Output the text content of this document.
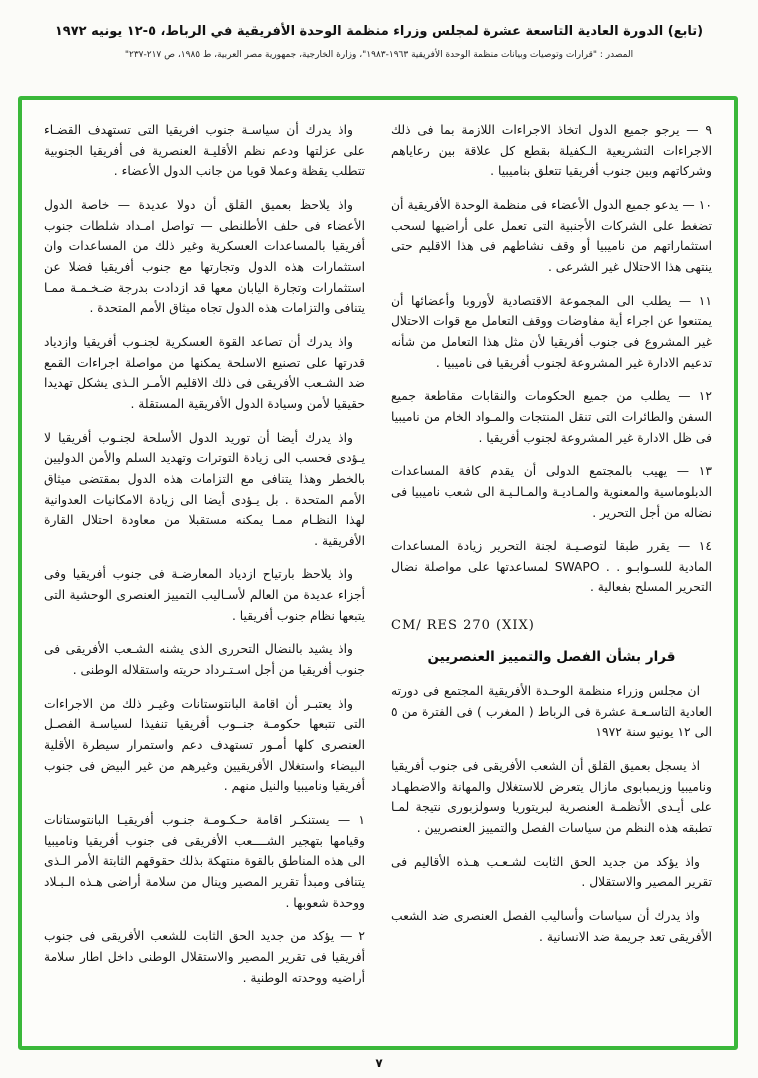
(تابع) الدورة العادية التاسعة عشرة لمجلس وزراء منظمة الوحدة الأفريقية في الرباط، ٥-١٢ يونيه ١٩٧٢
المصدر : "قرارات وتوصيات وبيانات منظمة الوحدة الأفريقية ١٩٦٣-١٩٨٣"، وزارة الخارجية، جمهورية مصر العربية، ط ١٩٨٥، ص ٢١٧-٢٣٧"

٩ — يرجو جميع الدول اتخاذ الاجراءات اللازمة بما فى ذلك الاجراءات التشريعية الـكفيلة بقطع كل علاقة بين رعاياهم وشركاتهم وبين جنوب أفريقيا تتعلق بناميبيا .

١٠ — يدعو جميع الدول الأعضاء فى منظمة الوحدة الأفريقية أن تضغط على الشركات الأجنبية التى تعمل على أراضيها لسحب استثماراتهم من ناميبيا أو وقف نشاطهم فى هذا الاقليم حتى ينتهى هذا الاحتلال غير الشرعى .

١١ — يطلب الى المجموعة الاقتصادية لأوروبا وأعضائها أن يمتنعوا عن اجراء أية مفاوضات ووقف التعامل مع قوات الاحتلال غير المشروع فى جنوب أفريقيا لأن مثل هذا التعامل من شأنه تدعيم الادارة غير المشروعة لجنوب أفريقيا فى ناميبيا .

١٢ — يطلب من جميع الحكومات والنقابات مقاطعة جميع السفن والطائرات التى تنقل المنتجات والمـواد الخام من ناميبيا فى ظل الادارة غير المشروعة لجنوب أفريقيا .

١٣ — يهيب بالمجتمع الدولى أن يقدم كافة المساعدات الدبلوماسية والمعنوية والمـاديـة والمـالـيـة الى شعب ناميبيا فى نضاله من أجل التحرير .

١٤ — يقرر طبقا لتوصـيـة لجنة التحرير زيادة المساعدات المادية للسـوابـو . . SWAPO لمساعدتها على مواصلة نضال التحرير المسلح بفعالية .

CM/ RES 270 (XIX)
قرار بشأن الفصل والتمييز العنصريين

ان مجلس وزراء منظمة الوحـدة الأفريقية المجتمع فى دورته العادية التاسـعـة عشرة فى الرباط ( المغرب ) فى الفترة من ٥ الى ١٢ يونيو سنة ١٩٧٢

اذ يسجل بعميق القلق أن الشعب الأفريقى فى جنوب أفريقيا وناميبيا وزيمبابوى مازال يتعرض للاستغلال والمهانة والاضطهـاد على أيـدى الأنظمـة العنصرية لبريتوريا وسولزبورى نتيجة لمـا تطبقه هذه النظم من سياسات الفصل والتمييز العنصريين .

واذ يؤكد من جديد الحق الثابت لشـعـب هـذه الأقاليم فى تقرير المصير والاستقلال .

واذ يدرك أن سياسات وأساليب الفصل العنصرى ضد الشعب الأفريقى تعد جريمة ضد الانسانية .

واذ يدرك أن سياسـة جنوب افريقيا التى تستهدف القضـاء على عزلتها ودعم نظم الأقليـة العنصرية فى أفريقيا الجنوبية تتطلب يقظة وعملا قويا من جانب الدول الأعضاء .

واذ يلاحظ بعميق القلق أن دولا عديدة — خاصة الدول الأعضاء فى حلف الأطلنطى — تواصل امـداد شلطات جنوب أفريقيا بالمساعدات العسكرية وغير ذلك من المساعدات وان استثمارات هذه الدول وتجارتها مع جنوب أفريقيا فضلا عن استثمارات وتجارة اليابان معها قد ازدادت بدرجة ضـخـمـة ممـا يتنافى والتزامات هذه الدول تجاه ميثاق الأمم المتحدة .

واذ يدرك أن تصاعد القوة العسكرية لجنـوب أفريقيا وازدياد قدرتها على تصنيع الاسلحة يمكنها من مواصلة اجراءات القمع ضد الشـعب الأفريقى فى ذلك الاقليم الأمـر الـذى يشكل تهديدا حقيقيا لأمن وسيادة الدول الأفريقية المستقلة .

واذ يدرك أيضا أن توريد الدول الأسلحة لجنـوب أفريقيا لا يـؤدى فحسب الى زيادة التوترات وتهديد السلم والأمن الدوليين بالخطر وهذا يتنافى مع التزامات هذه الدول بمقتضى ميثاق الأمم المتحدة . بل يـؤدى أيضا الى زيادة الامكانيات العدوانية لهذا النظـام ممـا يمكنه مستقبلا من معاودة احتلال القارة الأفريقية .

واذ يلاحظ بارتياح ازدياد المعارضـة فى جنوب أفريقيا وفى أجزاء عديدة من العالم لأسـاليب التمييز العنصرى الوحشية التى يتبعها نظام جنوب أفريقيا .

واذ يشيد بالنضال التحررى الذى يشنه الشـعب الأفريقى فى جنوب أفريقيا من أجل اسـتـرداد حريته واستقلاله الوطنى .

واذ يعتبـر أن اقامة البانتوستانات وغيـر ذلك من الاجراءات التى تتبعها حكومـة جنــوب أفريقيا تنفيذا لسياسـة الفصـل العنصرى كلها أمـور تستهدف دعم واستمرار سيطرة الأقلية البيضاء واستغلال الأفريقيين وغيرهم من غير البيض فى جنوب أفريقيا وناميبيا والنيل منهم .

١ — يستنكـر اقامة حـكـومـة جنـوب أفريقيـا البانتوستانات وقيامها بتهجير الشــــعب الأفريقى فى جنوب أفريقيا وناميبيا الى هذه المناطق بالقوة منتهكة بذلك حقوقهم الثابتة الأمر الـذى يتنافى ومبدأ تقرير المصير وينال من سلامة أراضى هـذه الـبـلاد ووحدة شعوبها .

٢ — يؤكد من جديد الحق الثابت للشعب الأفريقى فى جنوب أفريقيا فى تقرير المصير والاستقلال الوطنى داخل اطار سلامة أراضيه ووحدته الوطنية .

٧
